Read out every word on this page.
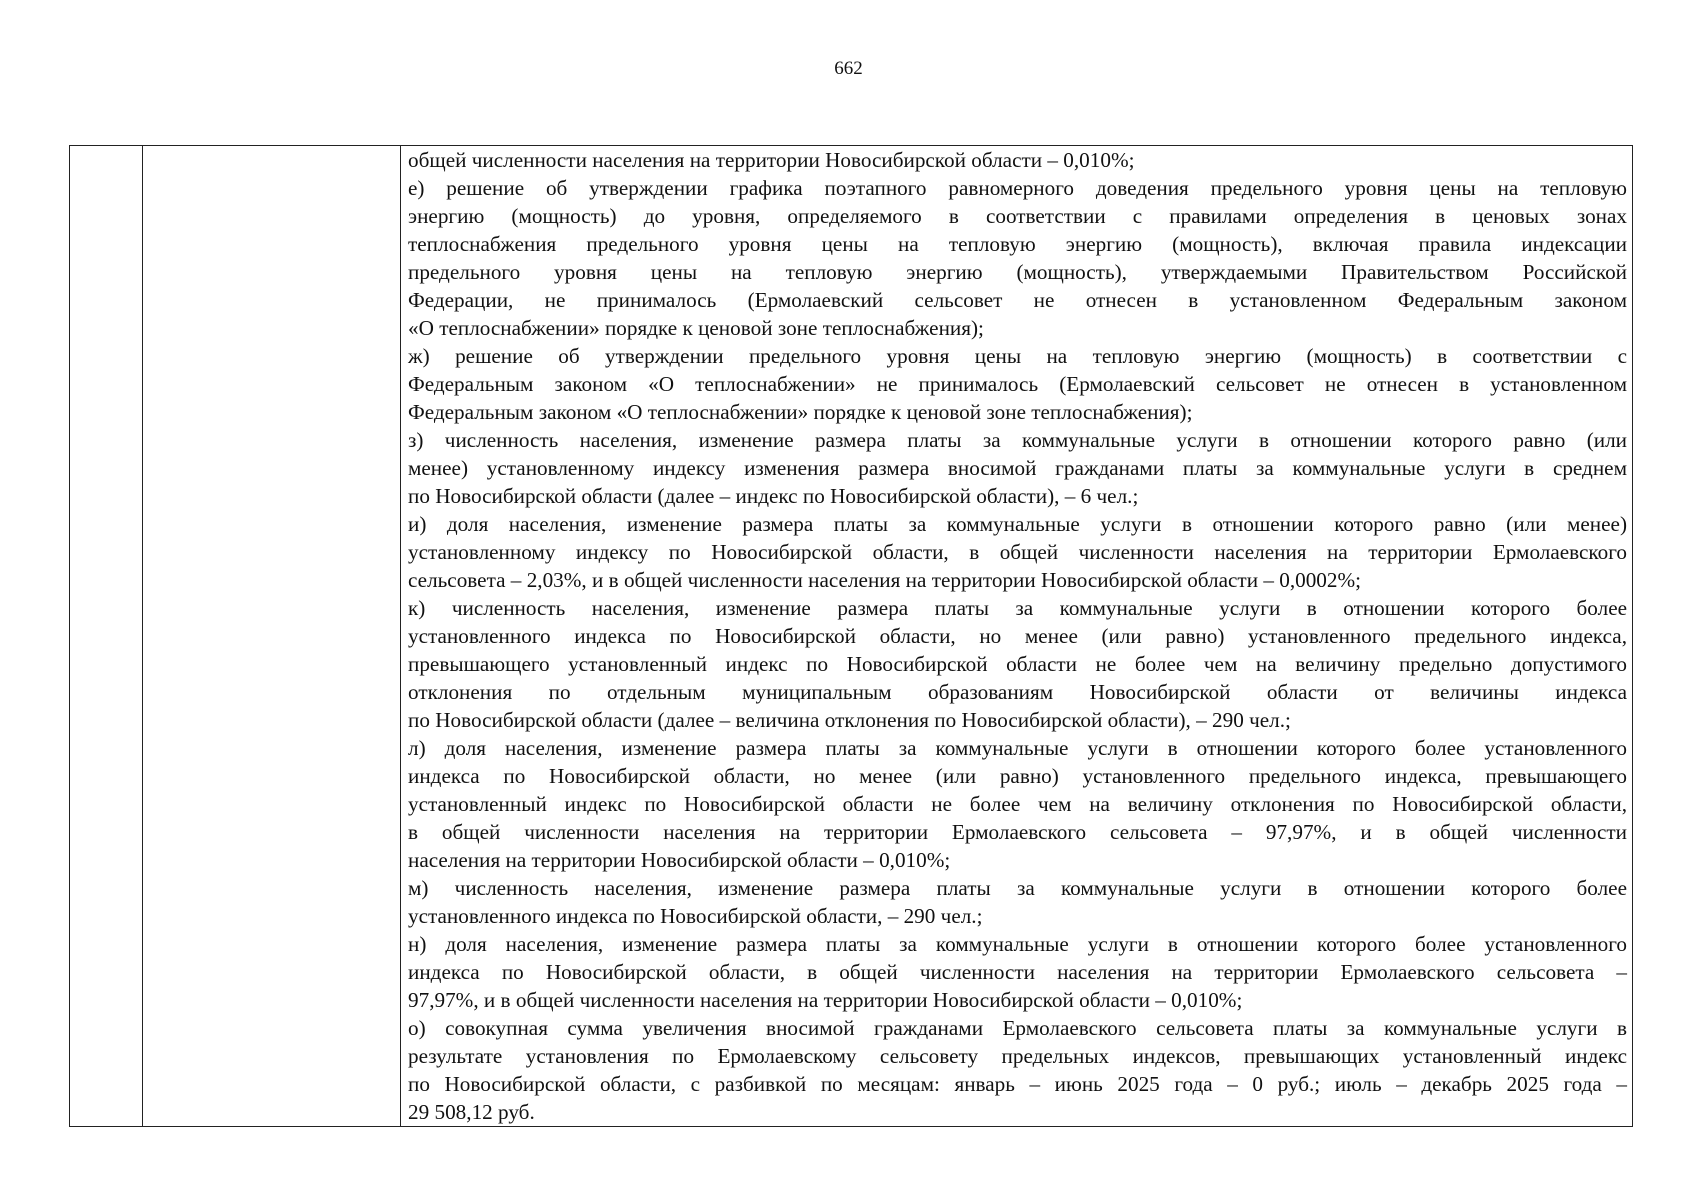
662

общей численности населения на территории Новосибирской области – 0,010%;

е) решение об утверждении графика поэтапного равномерного доведения предельного уровня цены на тепловую

энергию (мощность) до уровня, определяемого в соответствии с правилами определения в ценовых зонах

теплоснабжения предельного уровня цены на тепловую энергию (мощность), включая правила индексации

предельного уровня цены на тепловую энергию (мощность), утверждаемыми Правительством Российской

Федерации, не принималось (Ермолаевский сельсовет не отнесен в установленном Федеральным законом

«О теплоснабжении» порядке к ценовой зоне теплоснабжения);

ж) решение об утверждении предельного уровня цены на тепловую энергию (мощность) в соответствии с

Федеральным законом «О теплоснабжении» не принималось (Ермолаевский сельсовет не отнесен в установленном

Федеральным законом «О теплоснабжении» порядке к ценовой зоне теплоснабжения);

з) численность населения, изменение размера платы за коммунальные услуги в отношении которого равно (или

менее) установленному индексу изменения размера вносимой гражданами платы за коммунальные услуги в среднем

по Новосибирской области (далее – индекс по Новосибирской области), – 6 чел.;

и) доля населения, изменение размера платы за коммунальные услуги в отношении которого равно (или менее)

установленному индексу по Новосибирской области, в общей численности населения на территории Ермолаевского

сельсовета – 2,03%, и в общей численности населения на территории Новосибирской области – 0,0002%;

к) численность населения, изменение размера платы за коммунальные услуги в отношении которого более

установленного индекса по Новосибирской области, но менее (или равно) установленного предельного индекса,

превышающего установленный индекс по Новосибирской области не более чем на величину предельно допустимого

отклонения по отдельным муниципальным образованиям Новосибирской области от величины индекса

по Новосибирской области (далее – величина отклонения по Новосибирской области), – 290 чел.;

л) доля населения, изменение размера платы за коммунальные услуги в отношении которого более установленного

индекса по Новосибирской области, но менее (или равно) установленного предельного индекса, превышающего

установленный индекс по Новосибирской области не более чем на величину отклонения по Новосибирской области,

в общей численности населения на территории Ермолаевского сельсовета – 97,97%, и в общей численности

населения на территории Новосибирской области – 0,010%;

м) численность населения, изменение размера платы за коммунальные услуги в отношении которого более

установленного индекса по Новосибирской области, – 290 чел.;

н) доля населения, изменение размера платы за коммунальные услуги в отношении которого более установленного

индекса по Новосибирской области, в общей численности населения на территории Ермолаевского сельсовета –

97,97%, и в общей численности населения на территории Новосибирской области – 0,010%;

о) совокупная сумма увеличения вносимой гражданами Ермолаевского сельсовета платы за коммунальные услуги в

результате установления по Ермолаевскому сельсовету предельных индексов, превышающих установленный индекс

по Новосибирской области, с разбивкой по месяцам: январь – июнь 2025 года – 0 руб.; июль – декабрь 2025 года –

29 508,12 руб.
